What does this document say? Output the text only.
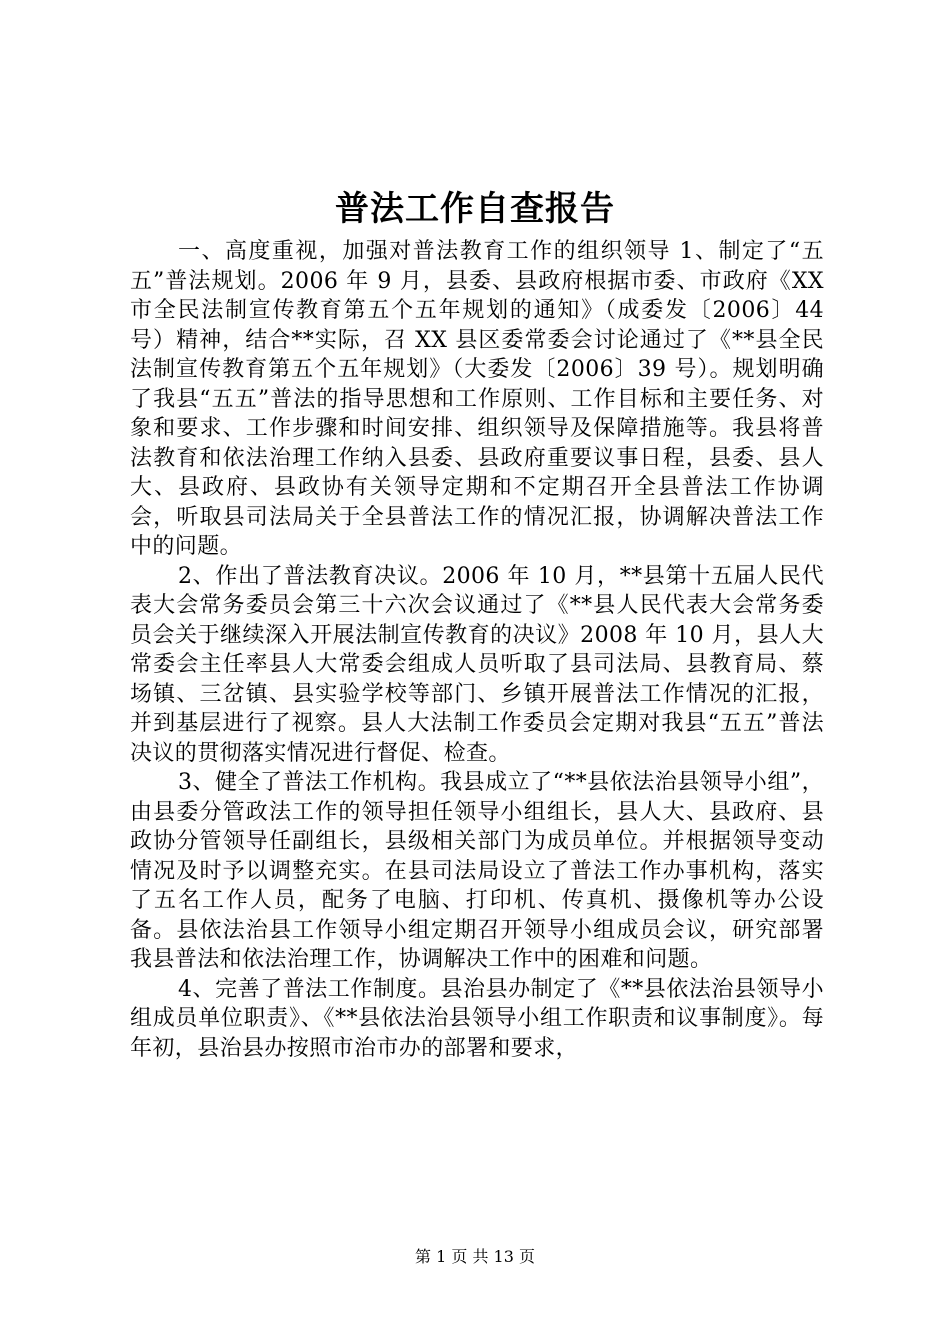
普法工作自查报告

一、高度重视，加强对普法教育工作的组织领导 1、制定了“五五”普法规划。2006 年 9 月，县委、县政府根据市委、市政府《XX 市全民法制宣传教育第五个五年规划的通知》（成委发〔2006〕44 号）精神，结合**实际，召 XX 县区委常委会讨论通过了《**县全民法制宣传教育第五个五年规划》（大委发〔2006〕39 号）。规划明确了我县“五五”普法的指导思想和工作原则、工作目标和主要任务、对象和要求、工作步骤和时间安排、组织领导及保障措施等。我县将普法教育和依法治理工作纳入县委、县政府重要议事日程，县委、县人大、县政府、县政协有关领导定期和不定期召开全县普法工作协调会，听取县司法局关于全县普法工作的情况汇报，协调解决普法工作中的问题。

2、作出了普法教育决议。2006 年 10 月，**县第十五届人民代表大会常务委员会第三十六次会议通过了《**县人民代表大会常务委员会关于继续深入开展法制宣传教育的决议》2008 年 10 月，县人大常委会主任率县人大常委会组成人员听取了县司法局、县教育局、蔡场镇、三岔镇、县实验学校等部门、乡镇开展普法工作情况的汇报，并到基层进行了视察。县人大法制工作委员会定期对我县“五五”普法决议的贯彻落实情况进行督促、检查。

3、健全了普法工作机构。我县成立了“**县依法治县领导小组”，由县委分管政法工作的领导担任领导小组组长，县人大、县政府、县政协分管领导任副组长，县级相关部门为成员单位。并根据领导变动情况及时予以调整充实。在县司法局设立了普法工作办事机构，落实了五名工作人员，配务了电脑、打印机、传真机、摄像机等办公设备。县依法治县工作领导小组定期召开领导小组成员会议，研究部署我县普法和依法治理工作，协调解决工作中的困难和问题。

4、完善了普法工作制度。县治县办制定了《**县依法治县领导小组成员单位职责》、《**县依法治县领导小组工作职责和议事制度》。每年初，县治县办按照市治市办的部署和要求，

第 1 页 共 13 页
